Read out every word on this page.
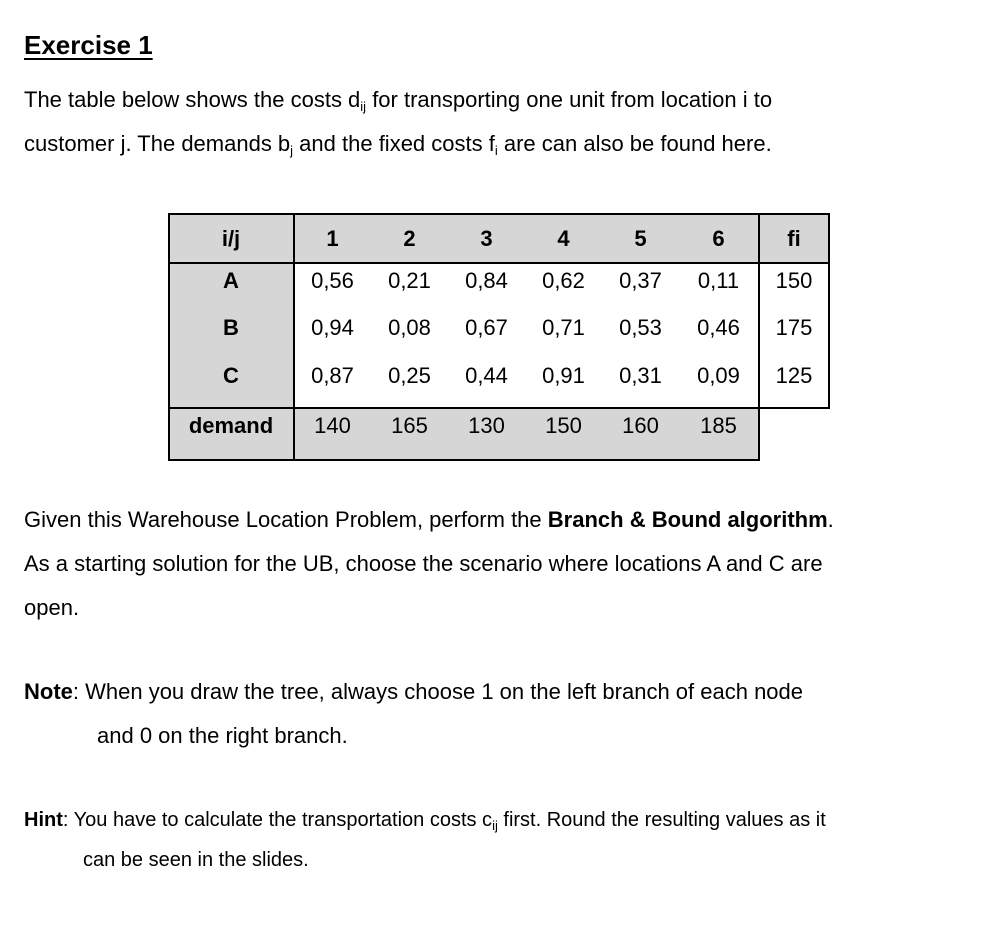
Exercise 1
The table below shows the costs $d_{ij}$ for transporting one unit from location i to
customer j. The demands $b_j$ and the fixed costs $f_i$ are can also be found here.
i/j	1	2	3	4	5	6	fi
A	0,56	0,21	0,84	0,62	0,37	0,11	150
B	0,94	0,08	0,67	0,71	0,53	0,46	175
C	0,87	0,25	0,44	0,91	0,31	0,09	125
demand	140	165	130	150	160	185
Given this Warehouse Location Problem, perform the Branch & Bound algorithm.
As a starting solution for the UB, choose the scenario where locations A and C are
open.
Note: When you draw the tree, always choose 1 on the left branch of each node
and 0 on the right branch.
Hint: You have to calculate the transportation costs $c_{ij}$ first. Round the resulting values as it
can be seen in the slides.
